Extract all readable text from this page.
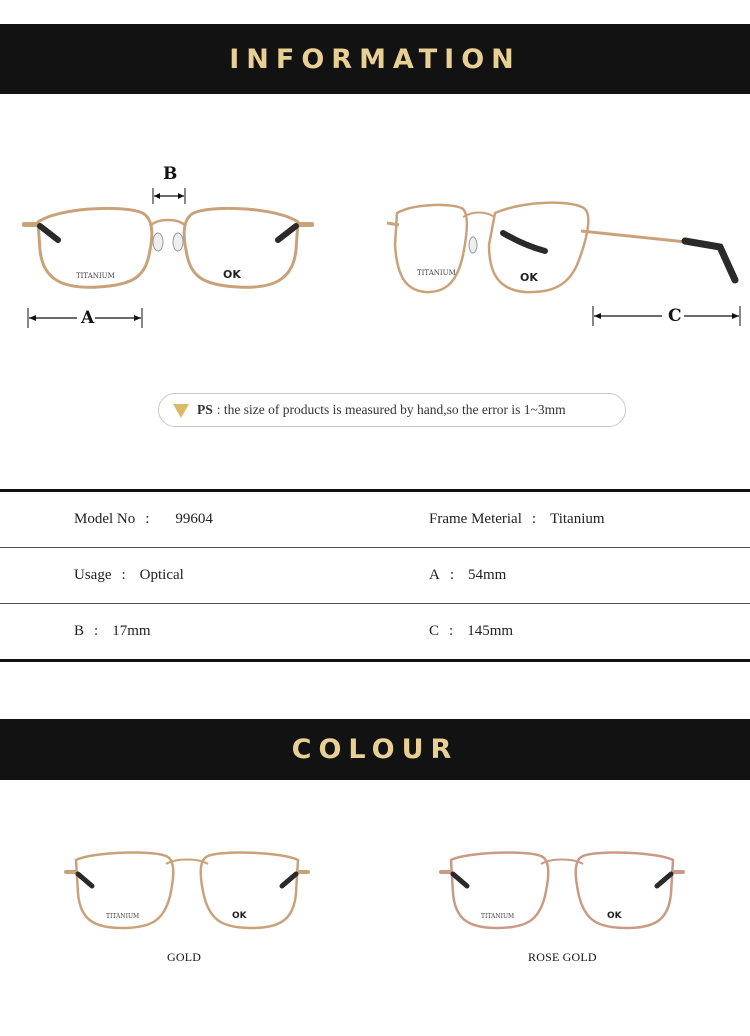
INFORMATION
TITANIUM	OK
B
A
TITANIUM	OK
C
PS : the size of products is measured by hand,so the error is 1~3mm
Model No : 99604	Frame Meterial : Titanium
Usage : Optical	A : 54mm
B : 17mm	C : 145mm
COLOUR
TITANIUM	OK
GOLD
TITANIUM	OK
ROSE GOLD
